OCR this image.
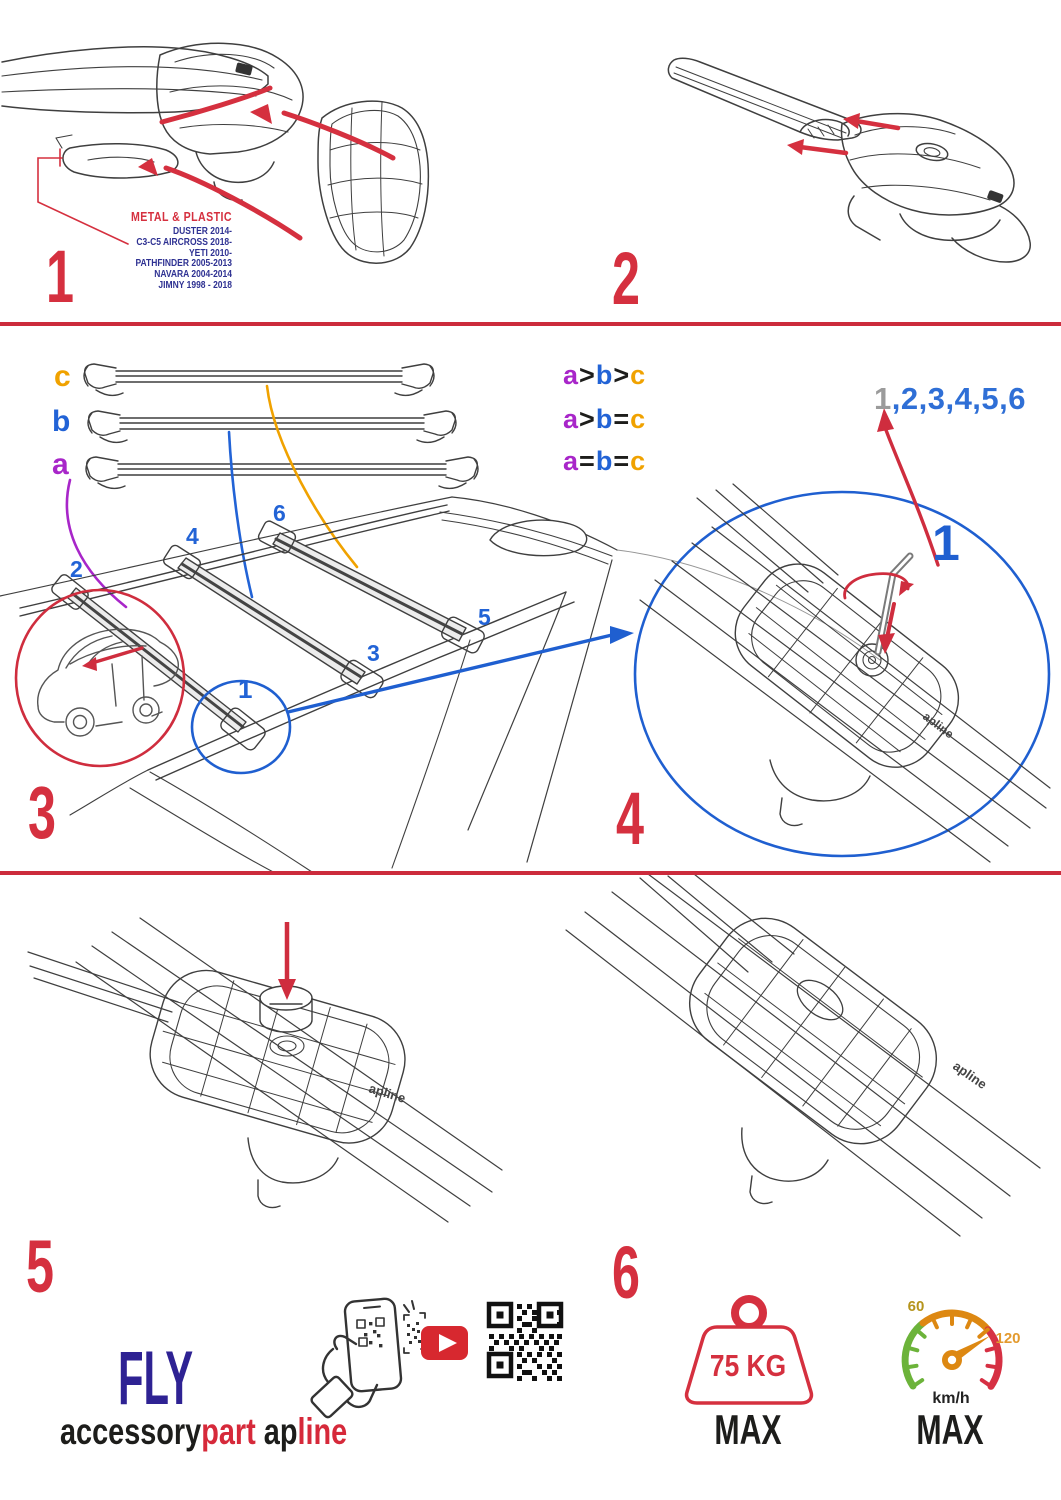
apline
apline
apline
1	2
3	4
5	6
METAL & PLASTIC
DUSTER 2014-
C3-C5 AIRCROSS 2018-
YETI 2010-
PATHFINDER 2005-2013
NAVARA 2004-2014
JIMNY 1998 - 2018
c
b
a
a>b>c
a>b=c
a=b=c
2
4
6
3
5
1
1,2,3,4,5,6
1
FLY
accessorypart apline
75 KG
MAX
60
120
km/h
MAX
